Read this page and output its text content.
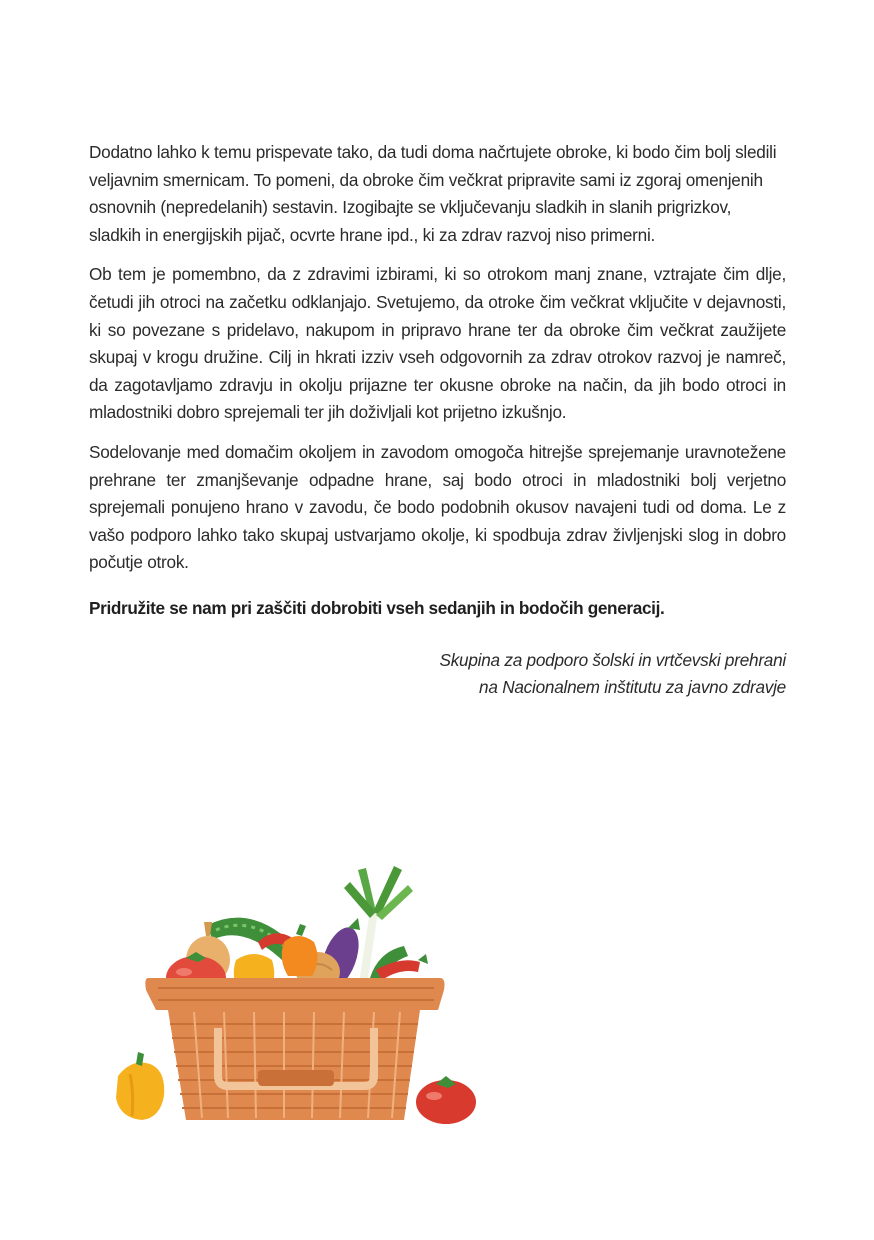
Dodatno lahko k temu prispevate tako, da tudi doma načrtujete obroke, ki bodo čim bolj sledili veljavnim smernicam. To pomeni, da obroke čim večkrat pripravite sami iz zgoraj omenjenih osnovnih (nepredelanih) sestavin. Izogibajte se vključevanju sladkih in slanih prigrizkov, sladkih in energijskih pijač, ocvrte hrane ipd., ki za zdrav razvoj niso primerni.

Ob tem je pomembno, da z zdravimi izbirami, ki so otrokom manj znane, vztrajate čim dlje, četudi jih otroci na začetku odklanjajo. Svetujemo, da otroke čim večkrat vključite v dejavnosti, ki so povezane s pridelavo, nakupom in pripravo hrane ter da obroke čim večkrat zaužijete skupaj v krogu družine. Cilj in hkrati izziv vseh odgovornih za zdrav otrokov razvoj je namreč, da zagotavljamo zdravju in okolju prijazne ter okusne obroke na način, da jih bodo otroci in mladostniki dobro sprejemali ter jih doživljali kot prijetno izkušnjo.

Sodelovanje med domačim okoljem in zavodom omogoča hitrejše sprejemanje uravnotežene prehrane ter zmanjševanje odpadne hrane, saj bodo otroci in mladostniki bolj verjetno sprejemali ponujeno hrano v zavodu, če bodo podobnih okusov navajeni tudi od doma. Le z vašo podporo lahko tako skupaj ustvarjamo okolje, ki spodbuja zdrav življenjski slog in dobro počutje otrok.

Pridružite se nam pri zaščiti dobrobiti vseh sedanjih in bodočih generacij.

Skupina za podporo šolski in vrtčevski prehrani
na Nacionalnem inštitutu za javno zdravje
